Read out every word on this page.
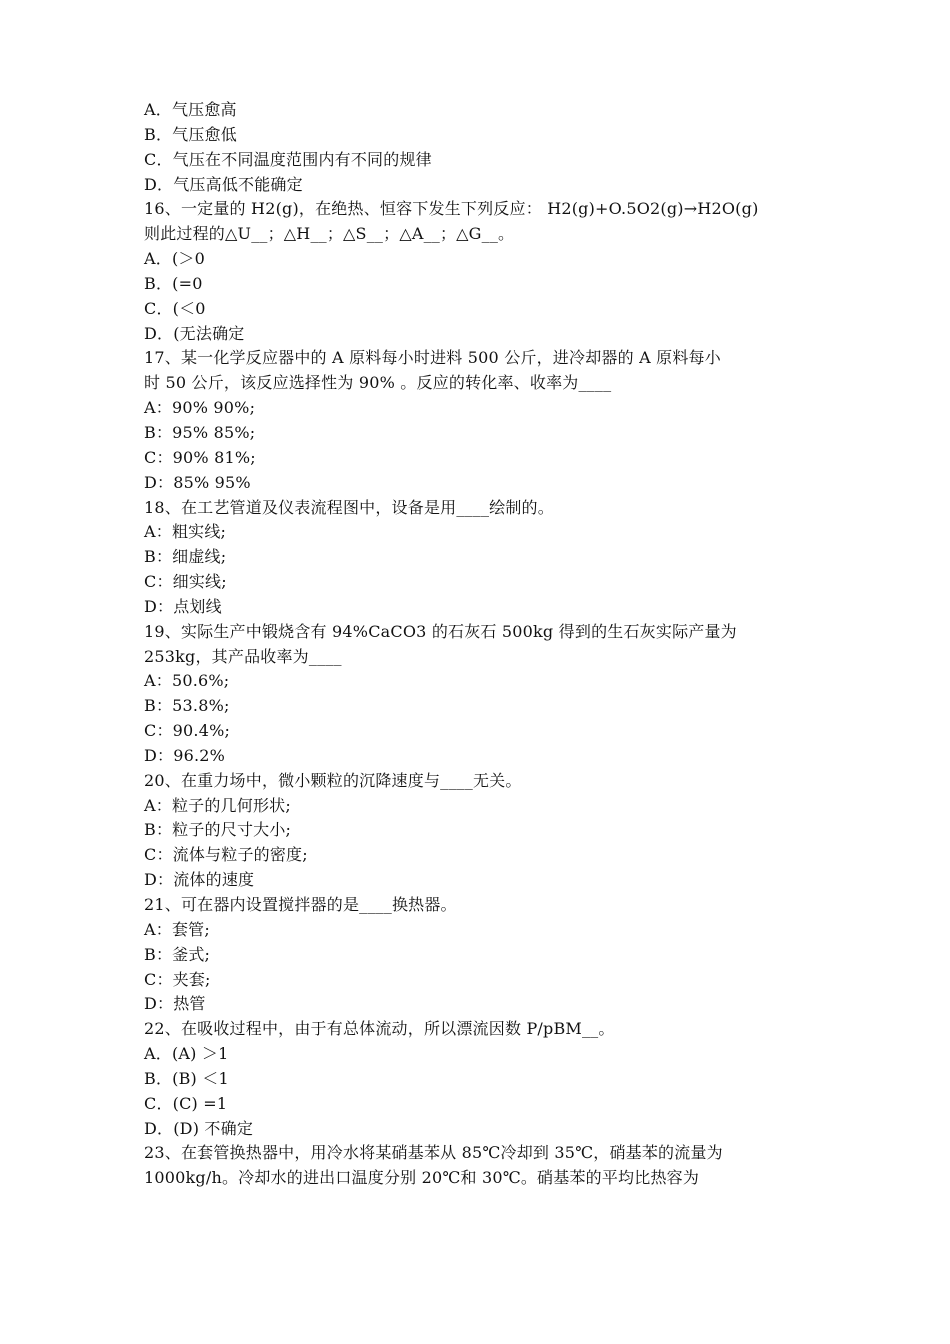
A．气压愈高
B．气压愈低
C．气压在不同温度范围内有不同的规律
D．气压高低不能确定
16、一定量的 H2(g)，在绝热、恒容下发生下列反应： H2(g)+O.5O2(g)→H2O(g)
则此过程的△U__；△H__；△S__；△A__；△G__。
A．(＞0
B．(=0
C．(＜0
D．(无法确定
17、某一化学反应器中的 A 原料每小时进料 500 公斤，进冷却器的 A 原料每小
时 50 公斤，该反应选择性为 90% 。反应的转化率、收率为____
A：90% 90%;
B：95% 85%;
C：90% 81%;
D：85% 95%
18、在工艺管道及仪表流程图中，设备是用____绘制的。
A：粗实线;
B：细虚线;
C：细实线;
D：点划线
19、实际生产中锻烧含有 94%CaCO3 的石灰石 500kg 得到的生石灰实际产量为
253kg，其产品收率为____
A：50.6%;
B：53.8%;
C：90.4%;
D：96.2%
20、在重力场中，微小颗粒的沉降速度与____无关。
A：粒子的几何形状;
B：粒子的尺寸大小;
C：流体与粒子的密度;
D：流体的速度
21、可在器内设置搅拌器的是____换热器。
A：套管;
B：釜式;
C：夹套;
D：热管
22、在吸收过程中，由于有总体流动，所以漂流因数 P/pBM__。
A．(A) ＞1
B．(B) ＜1
C．(C) =1
D．(D) 不确定
23、在套管换热器中，用冷水将某硝基苯从 85℃冷却到 35℃，硝基苯的流量为
1000kg/h。冷却水的进出口温度分别 20℃和 30℃。硝基苯的平均比热容为
